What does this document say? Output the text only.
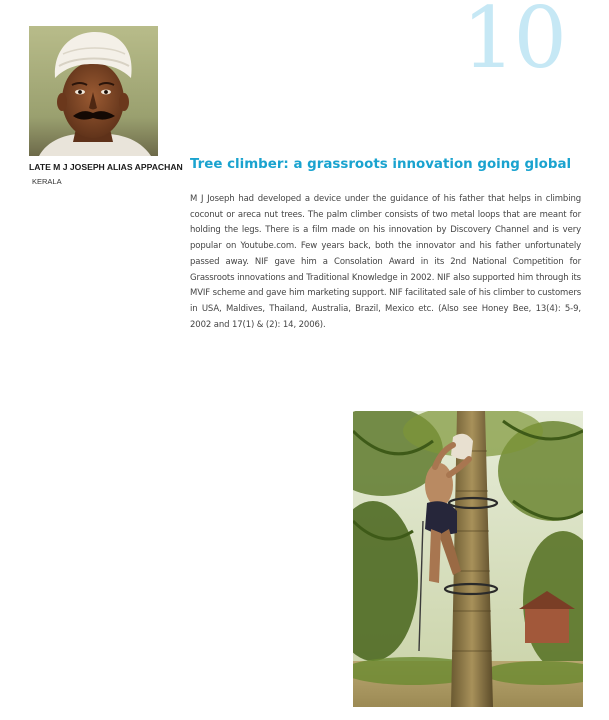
10
LATE M J JOSEPH ALIAS APPACHAN
KERALA
Tree climber: a grassroots innovation going global
M J Joseph had developed a device under the guidance of his father that helps in climbing coconut or areca nut trees. The palm climber consists of two metal loops that are meant for holding the legs. There is a film made on his innovation by Discovery Channel and is very popular on Youtube.com. Few years back, both the innovator and his father unfortunately passed away. NIF gave him a Consolation Award in its 2nd National Competition for Grassroots innovations and Traditional Knowledge in 2002. NIF also supported him through its MVIF scheme and gave him marketing support. NIF facilitated sale of his climber to customers in USA, Maldives, Thailand, Australia, Brazil, Mexico etc. (Also see Honey Bee, 13(4): 5-9, 2002 and 17(1) & (2): 14, 2006).
